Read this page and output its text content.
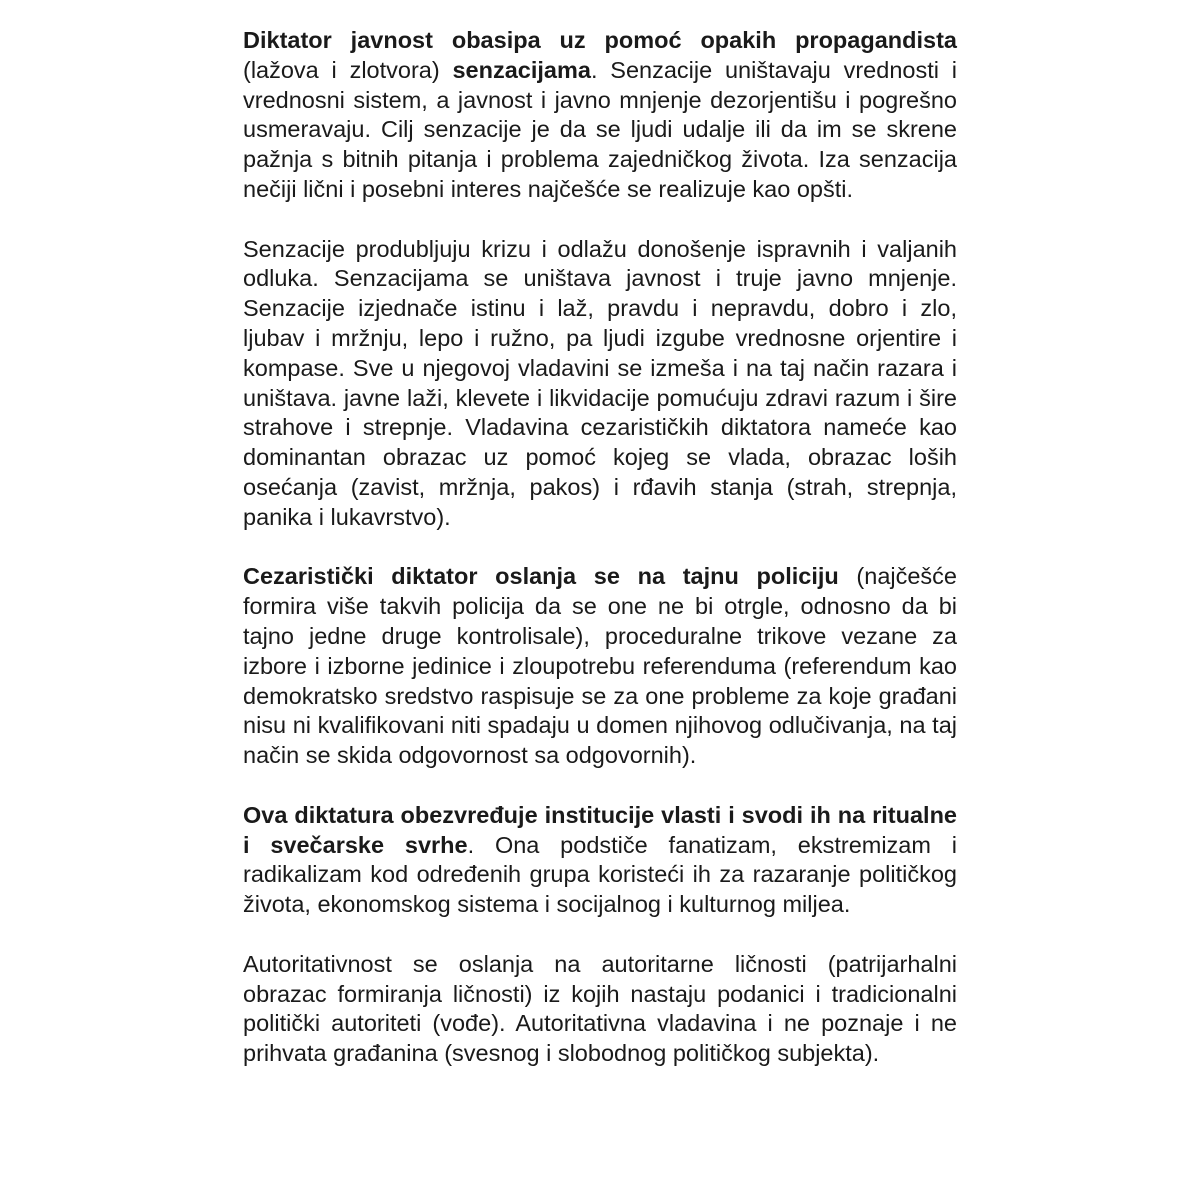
Diktator javnost obasipa uz pomoć opakih propagandista (lažova i zlotvora) senzacijama. Senzacije uništavaju vrednosti i vrednosni sistem, a javnost i javno mnjenje dezorjentišu i pogrešno usmeravaju. Cilj senzacije je da se ljudi udalje ili da im se skrene pažnja s bitnih pitanja i problema zajedničkog života. Iza senzacija nečiji lični i posebni interes najčešće se realizuje kao opšti.

Senzacije produbljuju krizu i odlažu donošenje ispravnih i valjanih odluka. Senzacijama se uništava javnost i truje javno mnjenje. Senzacije izjednače istinu i laž, pravdu i nepravdu, dobro i zlo, ljubav i mržnju, lepo i ružno, pa ljudi izgube vrednosne orjentire i kompase. Sve u njegovoj vladavini se izmeša i na taj način razara i uništava. javne laži, klevete i likvidacije pomućuju zdravi razum i šire strahove i strepnje. Vladavina cezarističkih diktatora nameće kao dominantan obrazac uz pomoć kojeg se vlada, obrazac loših osećanja (zavist, mržnja, pakos) i rđavih stanja (strah, strepnja, panika i lukavrstvo).

Cezaristički diktator oslanja se na tajnu policiju (najčešće formira više takvih policija da se one ne bi otrgle, odnosno da bi tajno jedne druge kontrolisale), proceduralne trikove vezane za izbore i izborne jedinice i zloupotrebu referenduma (referendum kao demokratsko sredstvo raspisuje se za one probleme za koje građani nisu ni kvalifikovani niti spadaju u domen njihovog odlučivanja, na taj način se skida odgovornost sa odgovornih).

Ova diktatura obezvređuje institucije vlasti i svodi ih na ritualne i svečarske svrhe. Ona podstiče fanatizam, ekstremizam i radikalizam kod određenih grupa koristeći ih za razaranje političkog života, ekonomskog sistema i socijalnog i kulturnog miljea.

Autoritativnost se oslanja na autoritarne ličnosti (patrijarhalni obrazac formiranja ličnosti) iz kojih nastaju podanici i tradicionalni politički autoriteti (vođe). Autoritativna vladavina i ne poznaje i ne prihvata građanina (svesnog i slobodnog političkog subjekta).
